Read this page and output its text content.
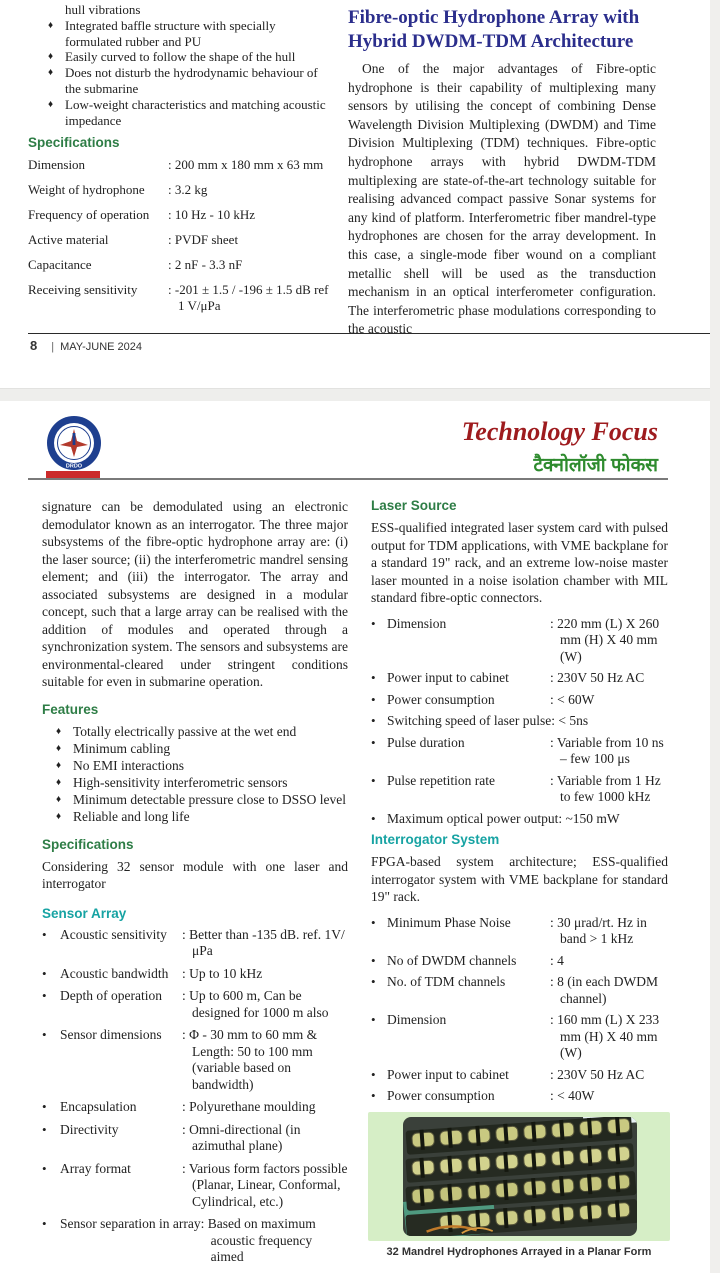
hull vibrations
♦ Integrated baffle structure with specially formulated rubber and PU
♦ Easily curved to follow the shape of the hull
♦ Does not disturb the hydrodynamic behaviour of the submarine
♦ Low-weight characteristics and matching acoustic impedance
Specifications
Dimension	: 200 mm x 180 mm x 63 mm
Weight of hydrophone	: 3.2 kg
Frequency of operation	: 10 Hz - 10 kHz
Active material	: PVDF sheet
Capacitance	: 2 nF - 3.3 nF
Receiving sensitivity	: -201 ± 1.5 / -196 ± 1.5 dB ref 1 V/μPa

Fibre-optic Hydrophone Array with Hybrid DWDM-TDM Architecture

One of the major advantages of Fibre-optic hydrophone is their capability of multiplexing many sensors by utilising the concept of combining Dense Wavelength Division Multiplexing (DWDM) and Time Division Multiplexing (TDM) techniques. Fibre-optic hydrophone arrays with hybrid DWDM-TDM multiplexing are state-of-the-art technology suitable for realising advanced compact passive Sonar systems for any kind of platform. Interferometric fiber mandrel-type hydrophones are chosen for the array development. In this case, a single-mode fiber wound on a compliant metallic shell will be used as the transduction mechanism in an optical interferometer configuration. The interferometric phase modulations corresponding to the acoustic

8 | MAY-JUNE 2024
DRDO
Technology Focus
टैक्नोलॉजी फोकस

signature can be demodulated using an electronic demodulator known as an interrogator. The three major subsystems of the fibre-optic hydrophone array are: (i) the laser source; (ii) the interferometric mandrel sensing element; and (iii) the interrogator. The array and associated subsystems are designed in a modular concept, such that a large array can be realised with the addition of modules and operated through a synchronization system. The sensors and subsystems are environmental-cleared under stringent conditions suitable for even in submarine operation.

Features
♦ Totally electrically passive at the wet end
♦ Minimum cabling
♦ No EMI interactions
♦ High-sensitivity interferometric sensors
♦ Minimum detectable pressure close to DSSO level
♦ Reliable and long life
Specifications

Considering 32 sensor module with one laser and interrogator

Sensor Array
• Acoustic sensitivity	: Better than -135 dB. ref. 1V/μPa
• Acoustic bandwidth	: Up to 10 kHz
• Depth of operation	: Up to 600 m, Can be designed for 1000 m also
• Sensor dimensions	: Φ - 30 mm to 60 mm & Length: 50 to 100 mm (variable based on bandwidth)
• Encapsulation	: Polyurethane moulding
• Directivity	: Omni-directional (in azimuthal plane)
• Array format	: Various form factors possible (Planar, Linear, Conformal, Cylindrical, etc.)
• Sensor separation in array : Based on maximum acoustic frequency aimed
Laser Source

ESS-qualified integrated laser system card with pulsed output for TDM applications, with VME backplane for a standard 19" rack, and an extreme low-noise master laser mounted in a noise isolation chamber with MIL standard fibre-optic connectors.

• Dimension	: 220 mm (L) X 260 mm (H) X 40 mm (W)
• Power input to cabinet	: 230V 50 Hz AC
• Power consumption	: < 60W
• Switching speed of laser pulse : < 5ns
• Pulse duration	: Variable from 10 ns – few 100 μs
• Pulse repetition rate	: Variable from 1 Hz to few 1000 kHz
• Maximum optical power output : ~150 mW
Interrogator System

FPGA-based system architecture; ESS-qualified interrogator system with VME backplane for standard 19" rack.

• Minimum Phase Noise	: 30 μrad/rt. Hz in band > 1 kHz
• No of DWDM channels	: 4
• No. of TDM channels	: 8 (in each DWDM channel)
• Dimension	: 160 mm (L) X 233 mm (H) X 40 mm (W)
• Power input to cabinet	: 230V 50 Hz AC
• Power consumption	: < 40W
32 Mandrel Hydrophones Arrayed in a Planar Form
